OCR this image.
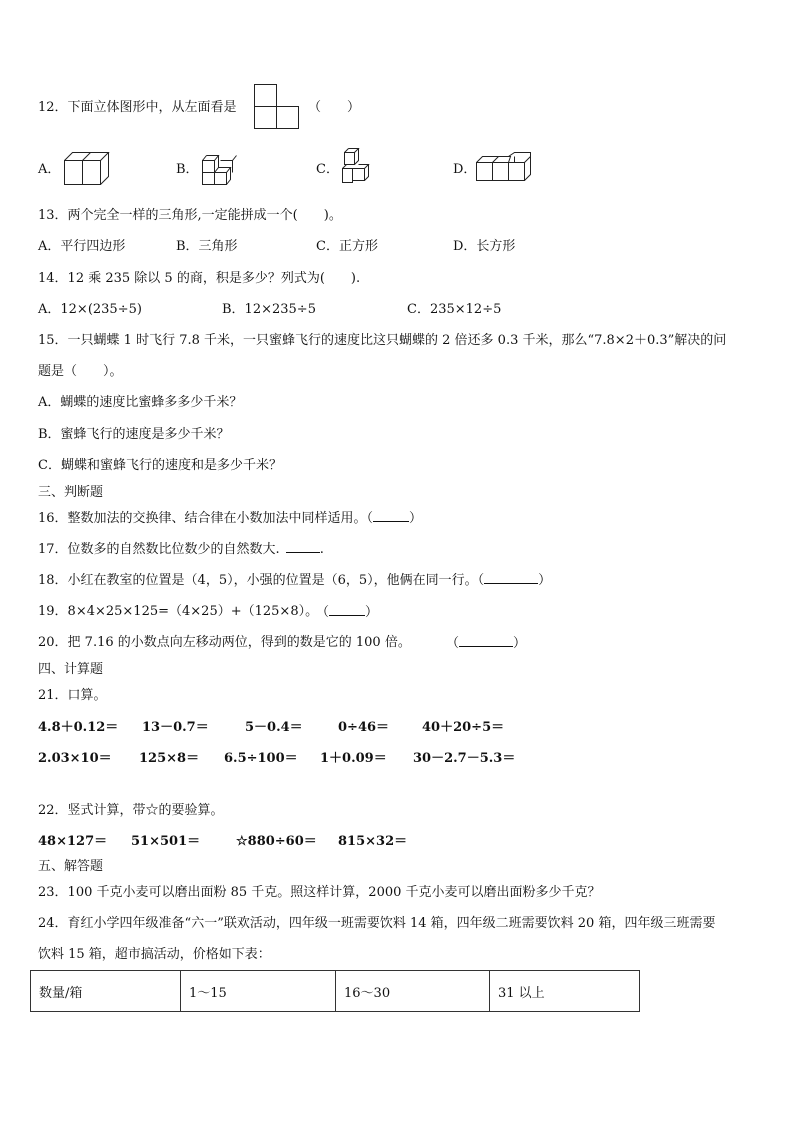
12．下面立体图形中，从左面看是	（　　）
A．	B．	C．	D．
13．两个完全一样的三角形,一定能拼成一个(　　)。
A．平行四边形	B．三角形	C．正方形	D．长方形
14．12 乘 235 除以 5 的商，积是多少？列式为(　　).
A．12×(235÷5)	B．12×235÷5	C．235×12÷5
15．一只蝴蝶 1 时飞行 7.8 千米，一只蜜蜂飞行的速度比这只蝴蝶的 2 倍还多 0.3 千米，那么“7.8×2＋0.3”解决的问
题是（　　）。
A．蝴蝶的速度比蜜蜂多多少千米？
B．蜜蜂飞行的速度是多少千米？
C．蝴蝶和蜜蜂飞行的速度和是多少千米？
三、判断题
16．整数加法的交换律、结合律在小数加法中同样适用。（	）
17．位数多的自然数比位数少的自然数大.	.
18．小红在教室的位置是（4，5），小强的位置是（6，5），他俩在同一行。（	）
19．8×4×25×125=（4×25）+（125×8）。
（	）
20．把 7.16 的小数点向左移动两位，得到的数是它的 100 倍。	（	）
四、计算题
21．口算。
4.8＋0.12＝ 13－0.7＝	5－0.4＝	0÷46＝	40＋20÷5＝
2.03×10＝ 125×8＝ 6.5÷100＝ 1＋0.09＝ 30－2.7－5.3＝
22．竖式计算，带☆的要验算。
48×127＝ 51×501＝	☆880÷60＝ 815×32＝
五、解答题
23．100 千克小麦可以磨出面粉 85 千克。照这样计算，2000 千克小麦可以磨出面粉多少千克？
24．育红小学四年级准备“六一”联欢活动，四年级一班需要饮料 14 箱，四年级二班需要饮料 20 箱，四年级三班需要
饮料 15 箱，超市搞活动，价格如下表：
数量/箱	1～15	16～30	31 以上
